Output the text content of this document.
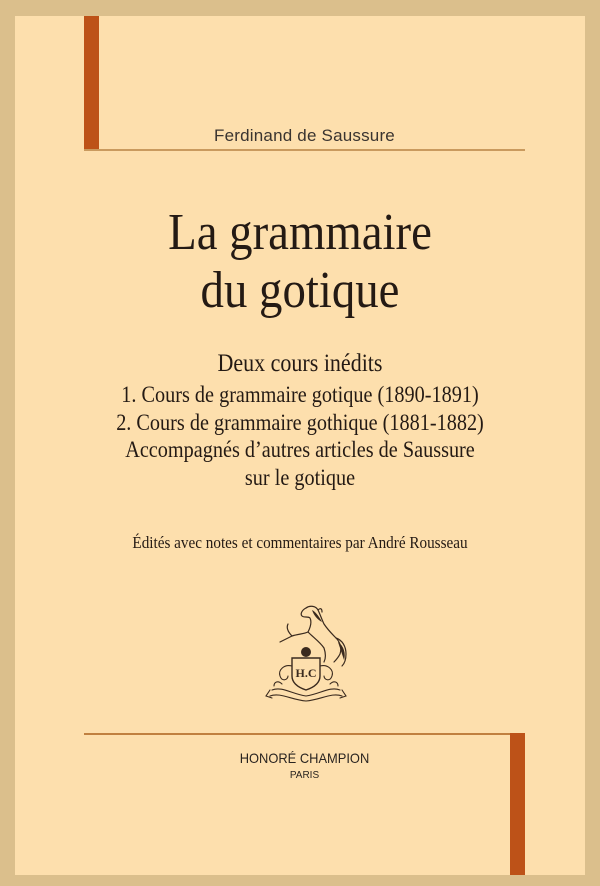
Ferdinand de Saussure
La grammaire
du gotique
Deux cours inédits
1. Cours de grammaire gotique (1890-1891)
2. Cours de grammaire gothique (1881-1882)
Accompagnés d’autres articles de Saussure
sur le gotique
Édités avec notes et commentaires par André Rousseau
H.C
HONORÉ CHAMPION
PARIS
